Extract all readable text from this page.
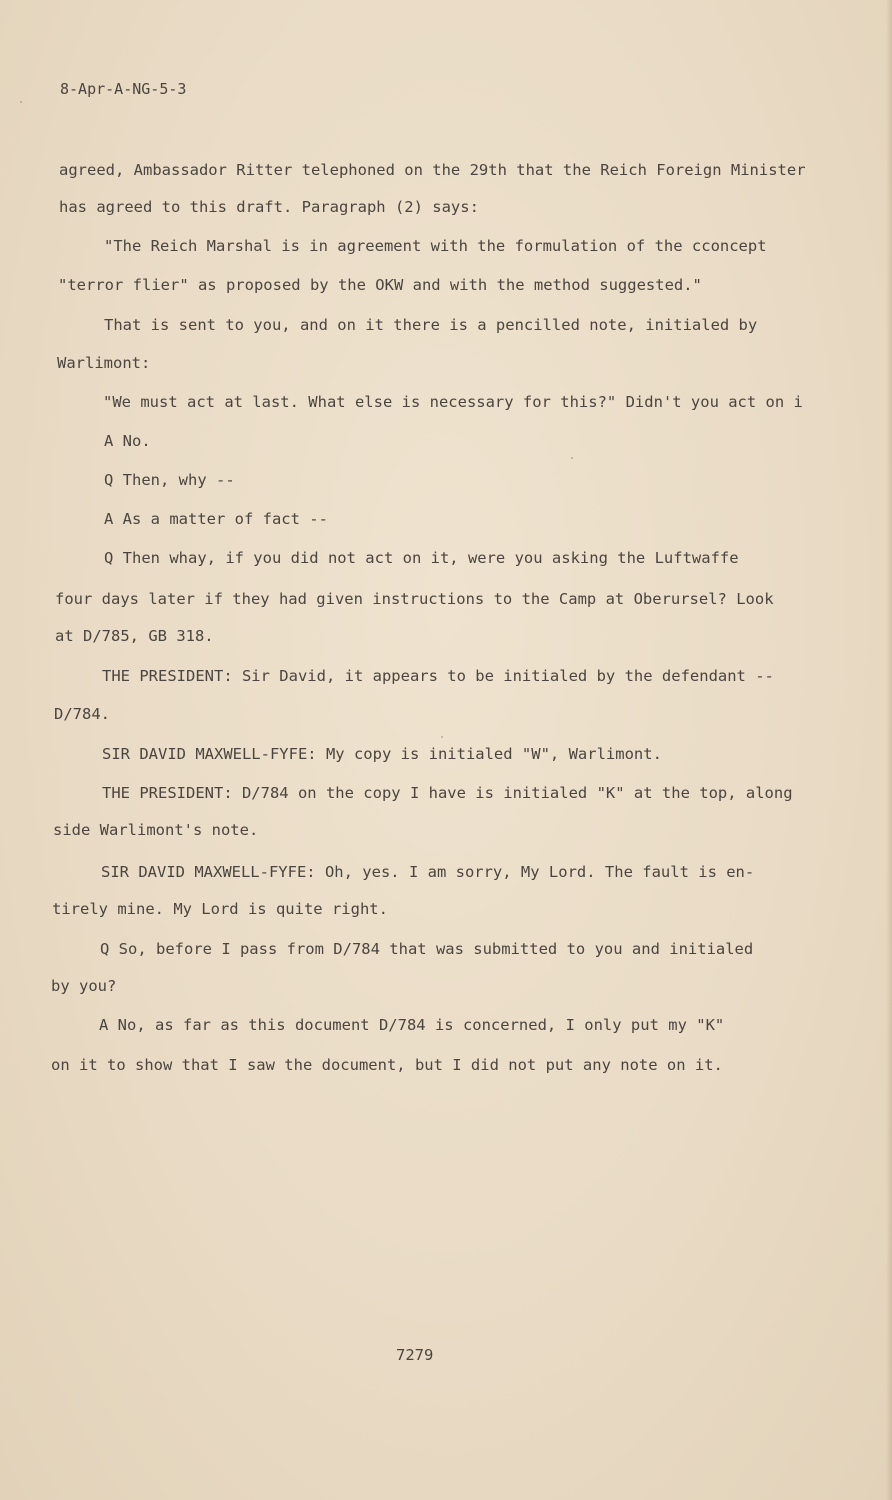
8-Apr-A-NG-5-3

agreed, Ambassador Ritter telephoned on the 29th that the Reich Foreign Minister

has agreed to this draft. Paragraph (2) says:

"The Reich Marshal is in agreement with the formulation of the cconcept

"terror flier" as proposed by the OKW and with the method suggested."

That is sent to you, and on it there is a pencilled note, initialed by

Warlimont:

"We must act at last. What else is necessary for this?" Didn't you act on i

A No.

Q Then, why --

A As a matter of fact --

Q Then whay, if you did not act on it, were you asking the Luftwaffe

four days later if they had given instructions to the Camp at Oberursel? Look

at D/785, GB 318.

THE PRESIDENT: Sir David, it appears to be initialed by the defendant --

D/784.

SIR DAVID MAXWELL-FYFE: My copy is initialed "W", Warlimont.

THE PRESIDENT: D/784 on the copy I have is initialed "K" at the top, along

side Warlimont's note.

SIR DAVID MAXWELL-FYFE: Oh, yes. I am sorry, My Lord. The fault is en-

tirely mine. My Lord is quite right.

Q So, before I pass from D/784 that was submitted to you and initialed

by you?

A No, as far as this document D/784 is concerned, I only put my "K"

on it to show that I saw the document, but I did not put any note on it.

7279
